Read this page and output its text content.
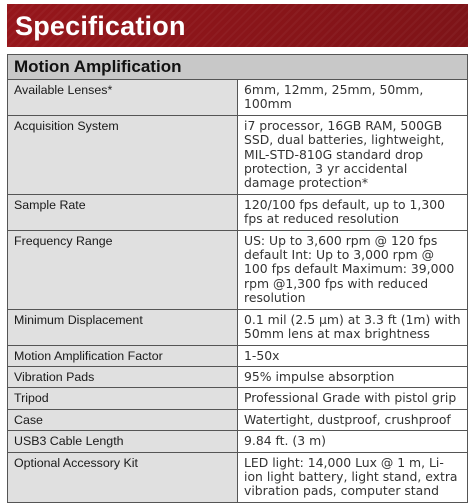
Specification
Motion Amplification	
Available Lenses*	6mm, 12mm, 25mm, 50mm, 100mm
Acquisition System	i7 processor, 16GB RAM, 500GB SSD, dual batteries, lightweight, MIL-STD-810G standard drop protection, 3 yr accidental damage protection*
Sample Rate	120/100 fps default, up to 1,300 fps at reduced resolution
Frequency Range	US: Up to 3,600 rpm @ 120 fps default Int: Up to 3,000 rpm @ 100 fps default Maximum: 39,000 rpm @1,300 fps with reduced resolution
Minimum Displacement	0.1 mil (2.5 µm) at 3.3 ft (1m) with 50mm lens at max brightness
Motion Amplification Factor	1-50x
Vibration Pads	95% impulse absorption
Tripod	Professional Grade with pistol grip
Case	Watertight, dustproof, crushproof
USB3 Cable Length	9.84 ft. (3 m)
Optional Accessory Kit	LED light: 14,000 Lux @ 1 m, Li-ion light battery, light stand, extra vibration pads, computer stand
